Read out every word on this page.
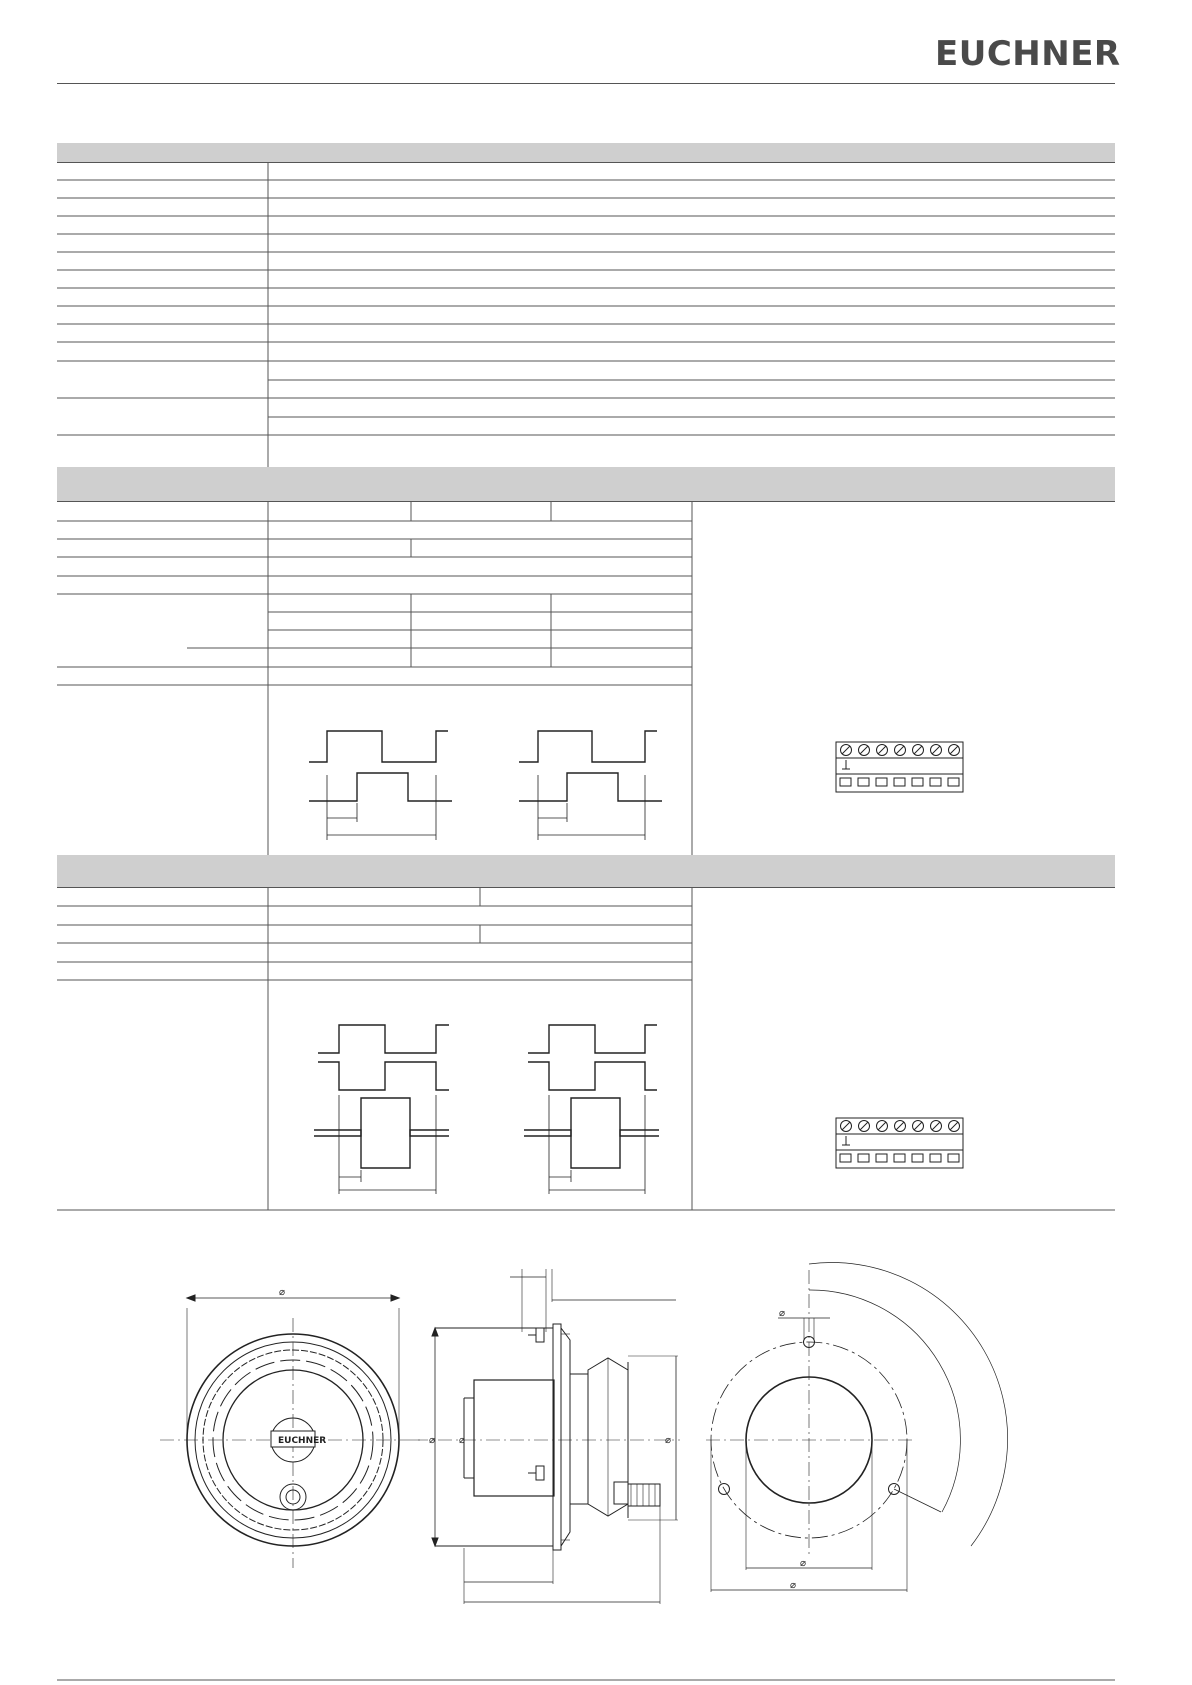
EUCHNER
⌀
EUCHNER	⌀ ⌀	⌀
⌀
⌀
⌀
